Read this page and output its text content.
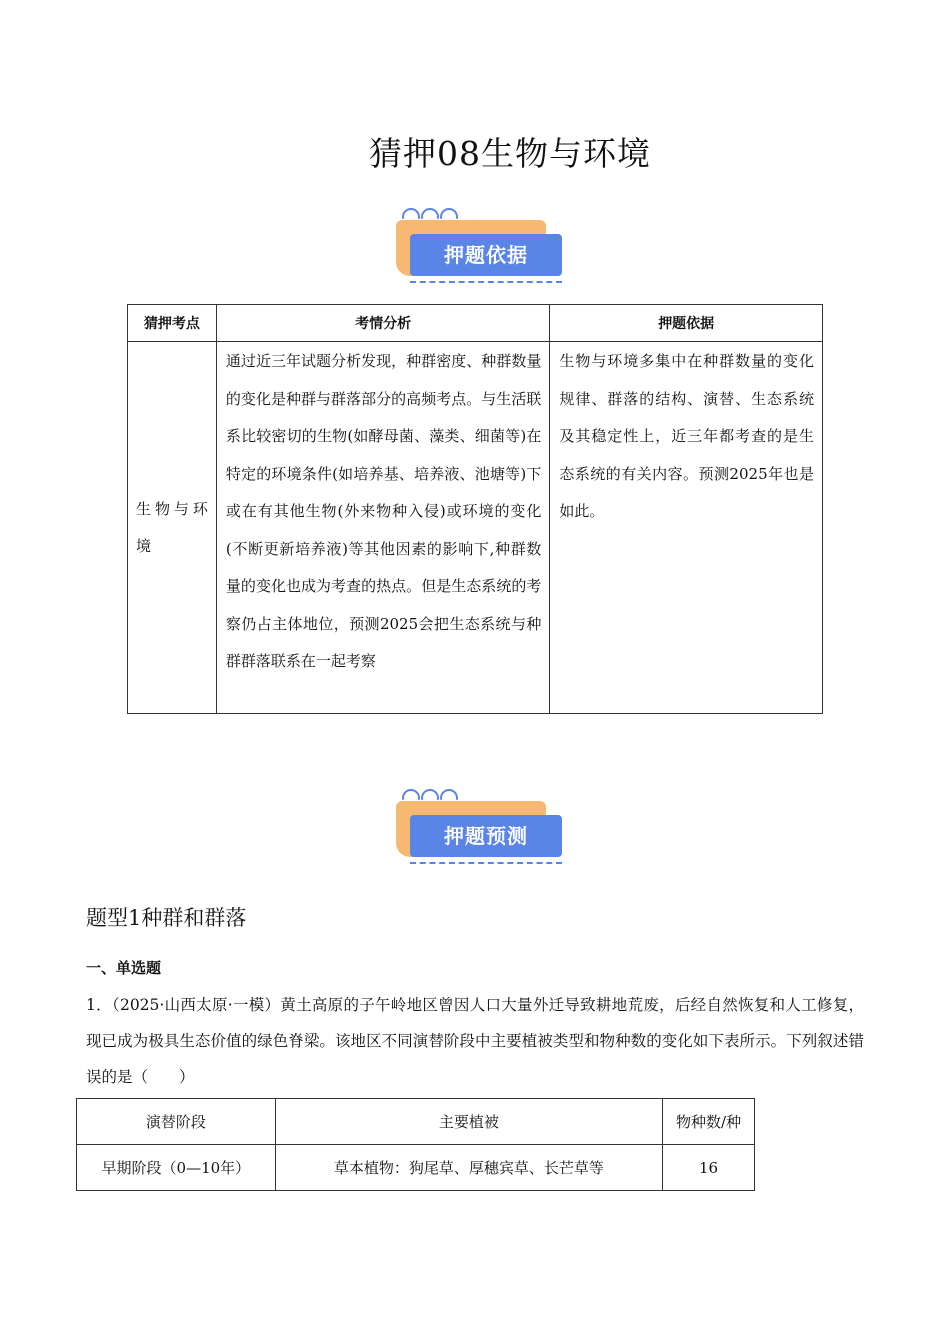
猜押08生物与环境
押题依据
猜押考点	考情分析	押题依据
生物与环境	通过近三年试题分析发现，种群密度、种群数量的变化是种群与群落部分的高频考点。与生活联系比较密切的生物(如酵母菌、藻类、细菌等)在特定的环境条件(如培养基、培养液、池塘等)下或在有其他生物(外来物种入侵)或环境的变化(不断更新培养液)等其他因素的影响下,种群数量的变化也成为考查的热点。但是生态系统的考察仍占主体地位，预测2025会把生态系统与种群群落联系在一起考察	生物与环境多集中在种群数量的变化规律、群落的结构、演替、生态系统及其稳定性上，近三年都考查的是生态系统的有关内容。预测2025年也是如此。
押题预测
题型1种群和群落
一、单选题
1．（2025·山西太原·一模）黄土高原的子午岭地区曾因人口大量外迁导致耕地荒废，后经自然恢复和人工修复，现已成为极具生态价值的绿色脊梁。该地区不同演替阶段中主要植被类型和物种数的变化如下表所示。下列叙述错误的是（　　）
演替阶段	主要植被	物种数/种
早期阶段（0—10年）	草本植物：狗尾草、厚穗宾草、长芒草等	16
